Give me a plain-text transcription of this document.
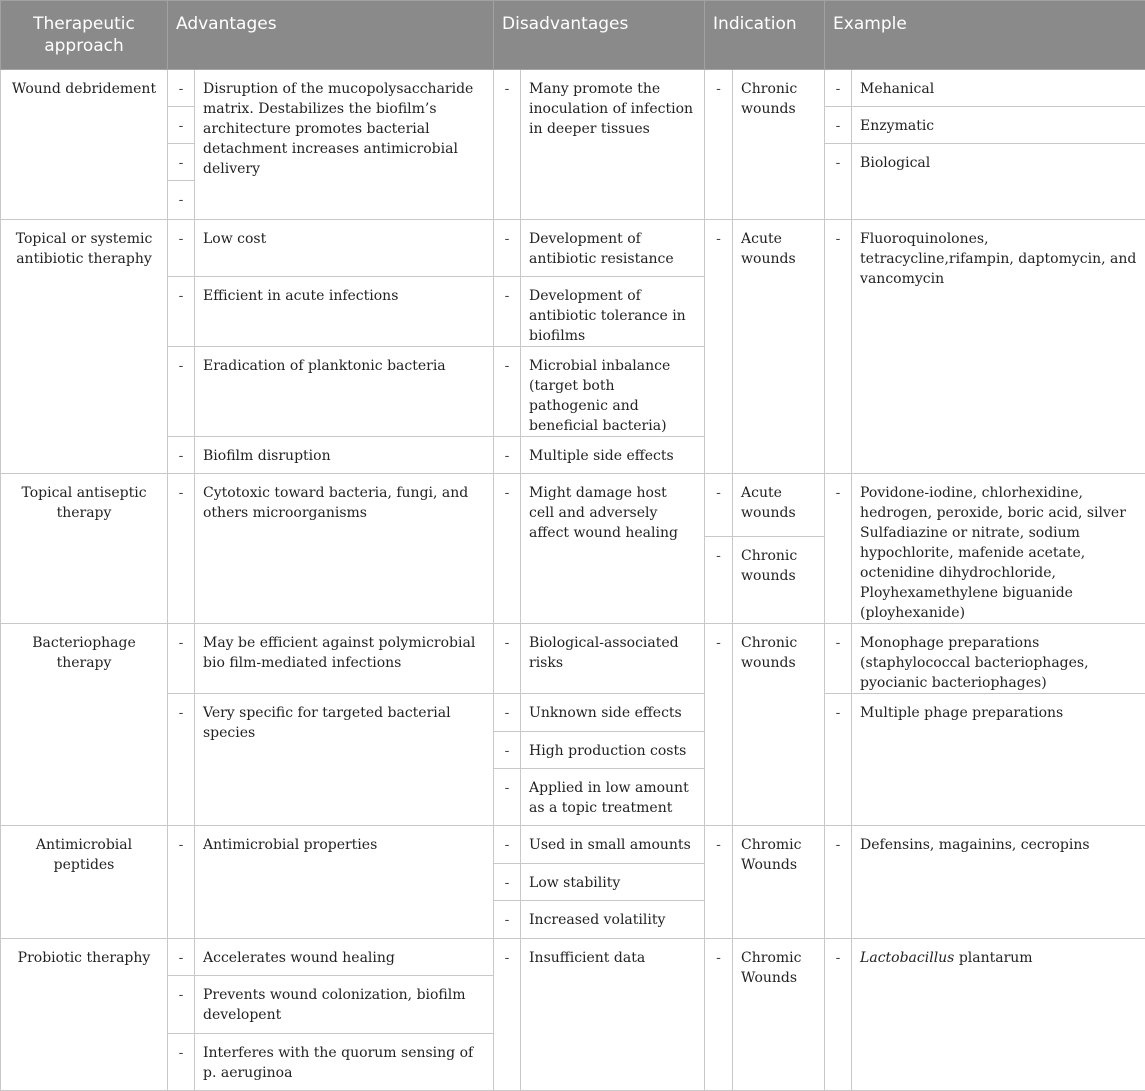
Therapeutic approach	Advantages		Disadvantages		Indication		Example	
Wound debridement	-	Disruption of the mucopolysaccharide matrix. Destabilizes the biofilm’s architecture promotes bacterial detachment increases antimicrobial delivery	-	Many promote the inoculation of infection in deeper tissues	-	Chronic wounds	-	Mehanical
	-						-	Enzymatic
	-						-	Biological
	-							
Topical or systemic antibiotic theraphy	-	Low cost	-	Development of antibiotic resistance	-	Acute wounds	-	Fluoroquinolones, tetracycline,rifampin, daptomycin, and vancomycin
	-	Efficient in acute infections	-	Development of antibiotic tolerance in biofilms				
	-	Eradication of planktonic bacteria	-	Microbial inbalance (target both pathogenic and beneficial bacteria)				
	-	Biofilm disruption	-	Multiple side effects				
Topical antiseptic therapy	-	Cytotoxic toward bacteria, fungi, and others microorganisms	-	Might damage host cell and adversely affect wound healing	-	Acute wounds	-	Povidone-iodine, chlorhexidine, hedrogen, peroxide, boric acid, silver Sulfadiazine or nitrate, sodium hypochlorite, mafenide acetate, octenidine dihydrochloride, Ployhexamethylene biguanide (ployhexanide)
					-	Chronic wounds		
Bacteriophage therapy	-	May be efficient against polymicrobial bio film-mediated infections	-	Biological-associated risks	-	Chronic wounds	-	Monophage preparations (staphylococcal bacteriophages, pyocianic bacteriophages)
	-	Very specific for targeted bacterial species	-	Unknown side effects			-	Multiple phage preparations
			-	High production costs				
			-	Applied in low amount as a topic treatment				
Antimicrobial peptides	-	Antimicrobial properties	-	Used in small amounts	-	Chromic Wounds	-	Defensins, magainins, cecropins
			-	Low stability				
			-	Increased volatility				
Probiotic theraphy	-	Accelerates wound healing	-	Insufficient data	-	Chromic Wounds	-	Lactobacillus plantarum
	-	Prevents wound colonization, biofilm developent						
	-	Interferes with the quorum sensing of p. aeruginoa						
